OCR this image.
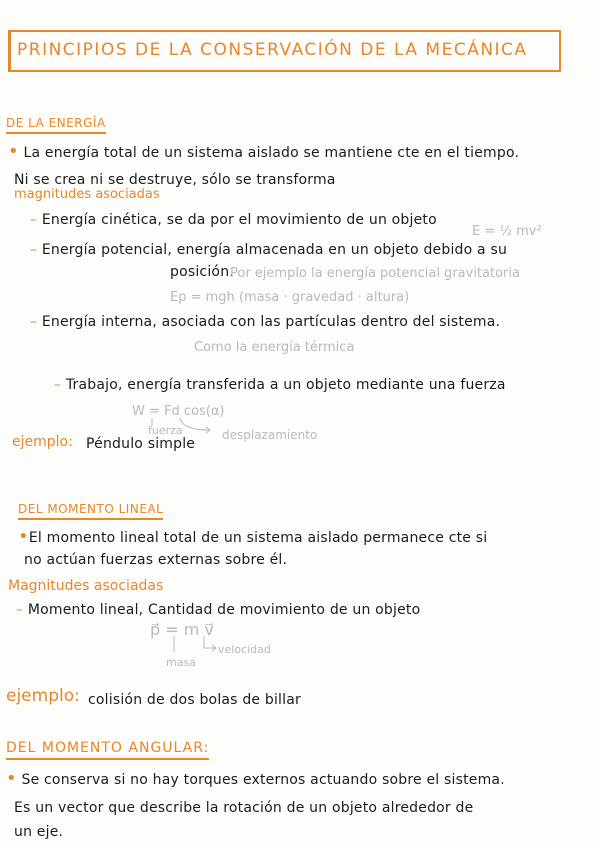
PRINCIPIOS DE LA CONSERVACIÓN DE LA MECÁNICA
DE LA ENERGÍA
• La energía total de un sistema aislado se mantiene cte en el tiempo.
Ni se crea ni se destruye, sólo se transforma
magnitudes asociadas
– Energía cinética, se da por el movimiento de un objeto
E = ½ mv²
– Energía potencial, energía almacenada en un objeto debido a su
posición.
Por ejemplo la energía potencial gravitatoria
Ep = mgh (masa · gravedad · altura)
– Energía interna, asociada con las partículas dentro del sistema.
Como la energía térmica
– Trabajo, energía transferida a un objeto mediante una fuerza
W = Fd cos(α)
fuerza	desplazamiento
ejemplo: Péndulo simple
DEL MOMENTO LINEAL
•El momento lineal total de un sistema aislado permanece cte si
no actúan fuerzas externas sobre él.
Magnitudes asociadas
– Momento lineal, Cantidad de movimiento de un objeto
p⃗ = m v⃗
velocidad
masa
ejemplo: colisión de dos bolas de billar
DEL MOMENTO ANGULAR:
• Se conserva si no hay torques externos actuando sobre el sistema.
Es un vector que describe la rotación de un objeto alrededor de
un eje.
